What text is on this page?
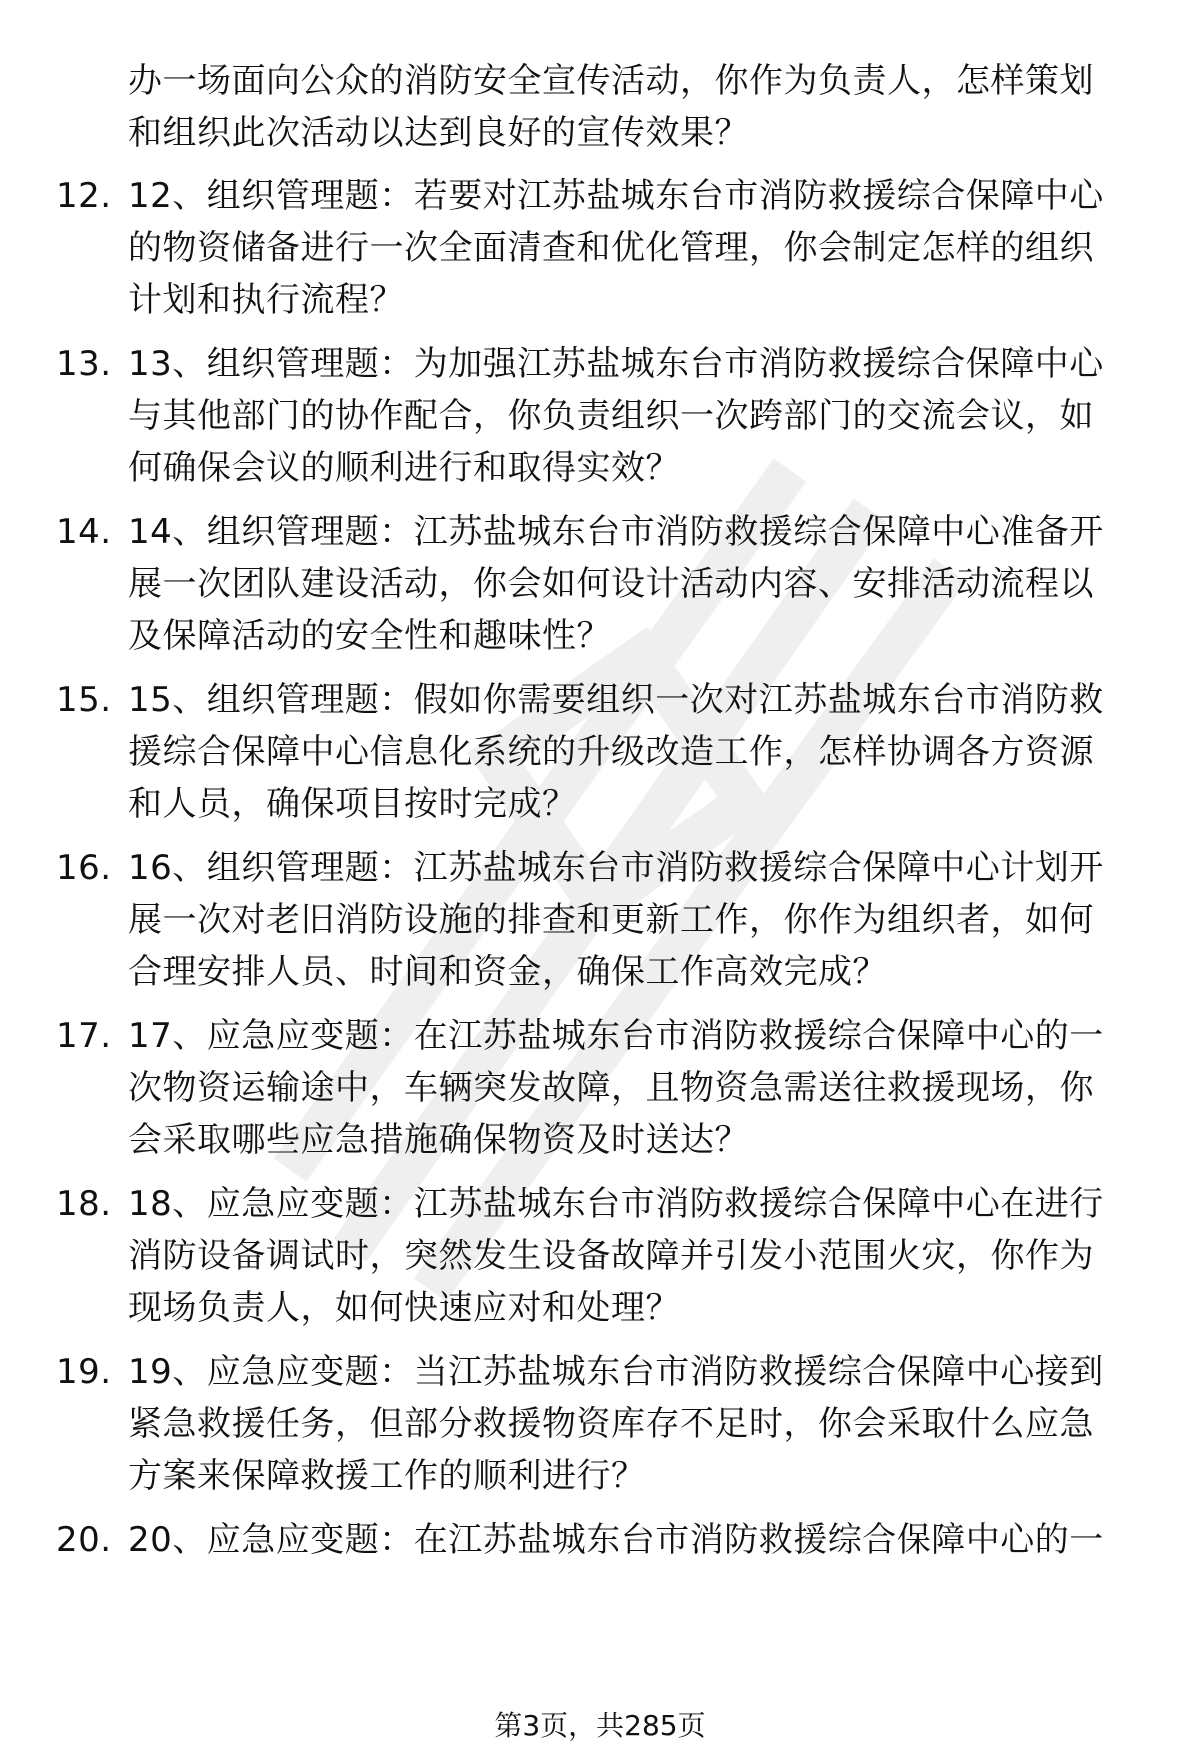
办一场面向公众的消防安全宣传活动，你作为负责人，怎样策划
和组织此次活动以达到良好的宣传效果？
12. 12、组织管理题：若要对江苏盐城东台市消防救援综合保障中心
的物资储备进行一次全面清查和优化管理，你会制定怎样的组织
计划和执行流程？
13. 13、组织管理题：为加强江苏盐城东台市消防救援综合保障中心
与其他部门的协作配合，你负责组织一次跨部门的交流会议，如
何确保会议的顺利进行和取得实效？
14. 14、组织管理题：江苏盐城东台市消防救援综合保障中心准备开
展一次团队建设活动，你会如何设计活动内容、安排活动流程以
及保障活动的安全性和趣味性？
15. 15、组织管理题：假如你需要组织一次对江苏盐城东台市消防救
援综合保障中心信息化系统的升级改造工作，怎样协调各方资源
和人员，确保项目按时完成？
16. 16、组织管理题：江苏盐城东台市消防救援综合保障中心计划开
展一次对老旧消防设施的排查和更新工作，你作为组织者，如何
合理安排人员、时间和资金，确保工作高效完成？
17. 17、应急应变题：在江苏盐城东台市消防救援综合保障中心的一
次物资运输途中，车辆突发故障，且物资急需送往救援现场，你
会采取哪些应急措施确保物资及时送达？
18. 18、应急应变题：江苏盐城东台市消防救援综合保障中心在进行
消防设备调试时，突然发生设备故障并引发小范围火灾，你作为
现场负责人，如何快速应对和处理？
19. 19、应急应变题：当江苏盐城东台市消防救援综合保障中心接到
紧急救援任务，但部分救援物资库存不足时，你会采取什么应急
方案来保障救援工作的顺利进行？
20. 20、应急应变题：在江苏盐城东台市消防救援综合保障中心的一
第3页，共285页
